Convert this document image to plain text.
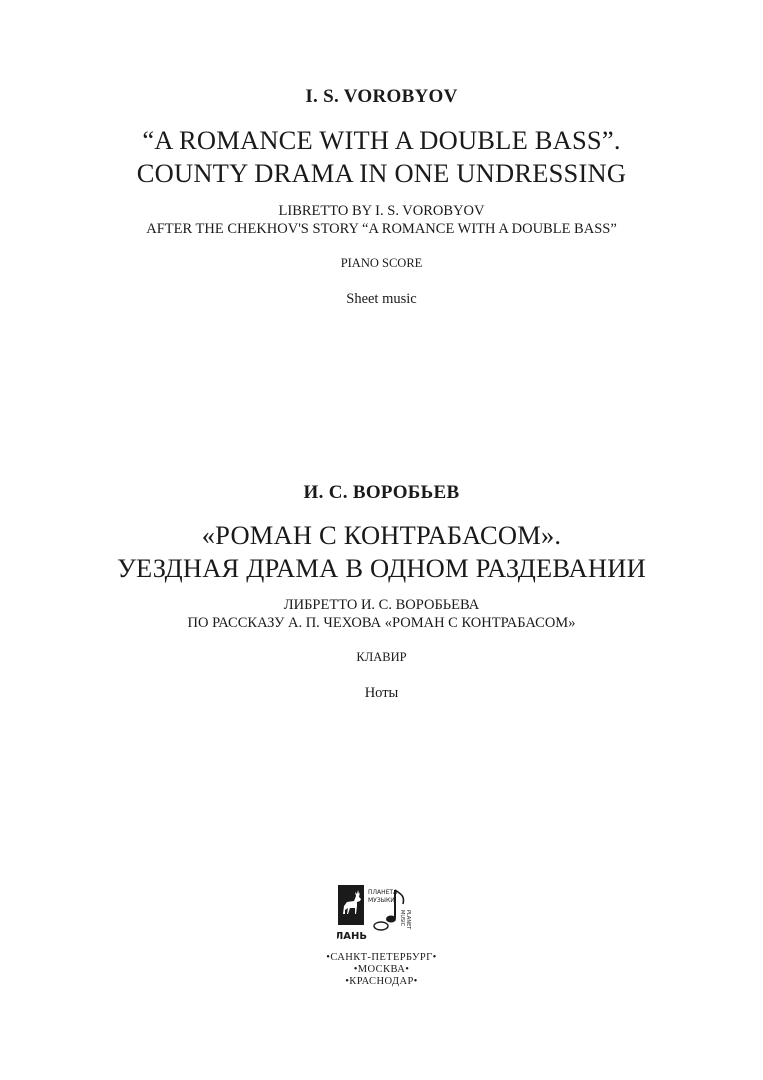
I. S. VOROBYOV
“A ROMANCE WITH A DOUBLE BASS”.
COUNTY DRAMA IN ONE UNDRESSING
LIBRETTO BY I. S. VOROBYOV
AFTER THE CHEKHOV'S STORY “A ROMANCE WITH A DOUBLE BASS”
PIANO SCORE
Sheet music
И. С. ВОРОБЬЕВ
«РОМАН С КОНТРАБАСОМ».
УЕЗДНАЯ ДРАМА В ОДНОМ РАЗДЕВАНИИ
ЛИБРЕТТО И. С. ВОРОБЬЕВА
ПО РАССКАЗУ А. П. ЧЕХОВА «РОМАН С КОНТРАБАСОМ»
КЛАВИР
Ноты
ЛАНЬ
ПЛАНЕТА
МУЗЫКИ
MUSIC PLANET
•САНКТ-ПЕТЕРБУРГ•
•МОСКВА•
•КРАСНОДАР•
